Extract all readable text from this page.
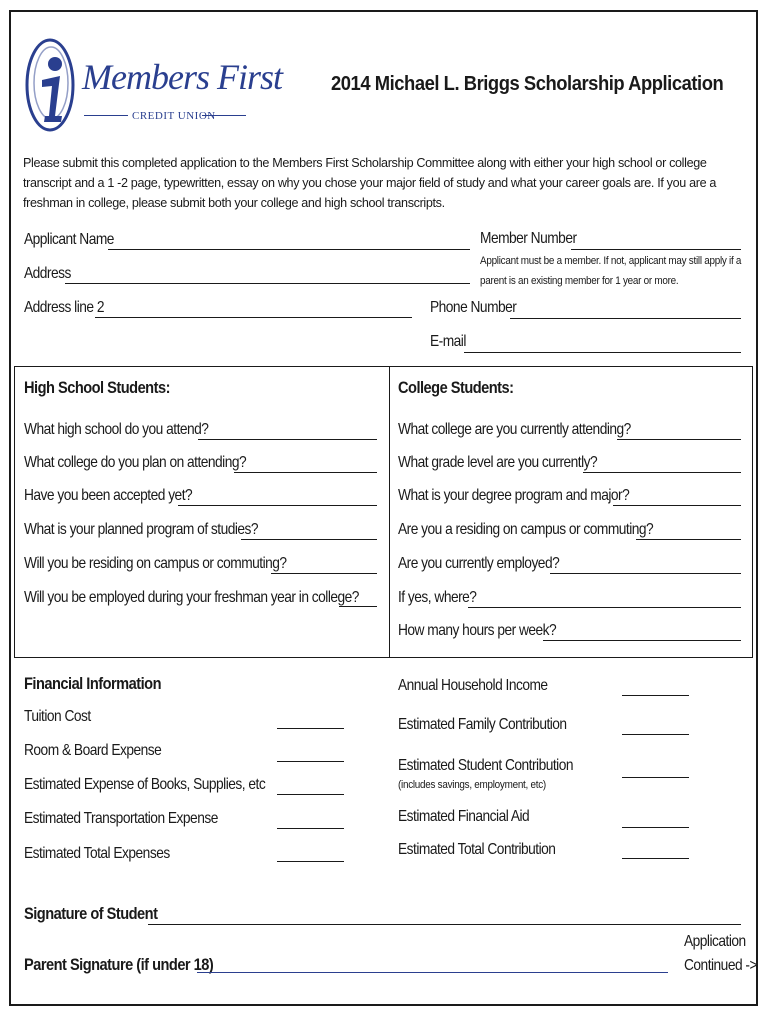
Members First
CREDIT UNION
2014 Michael L. Briggs Scholarship Application
Please submit this completed application to the Members First Scholarship Committee along with either your high school or college transcript and a 1 -2 page, typewritten, essay on why you chose your major field of study and what your career goals are. If you are a freshman in college, please submit both your college and high school transcripts.
Applicant Name	Member Number
Applicant must be a member. If not, applicant may still apply if a
parent is an existing member for 1 year or more.
Address
Address line 2	Phone Number
E-mail
High School Students:	College Students:
What high school do you attend?
What college do you plan on attending?
Have you been accepted yet?
What is your planned program of studies?
Will you be residing on campus or commuting?
Will you be employed during your freshman year in college?
What college are you currently attending?
What grade level are you currently?
What is your degree program and major?
Are you a residing on campus or commuting?
Are you currently employed?
If yes, where?
How many hours per week?
Financial Information
Tuition Cost
Room & Board Expense
Estimated Expense of Books, Supplies, etc
Estimated Transportation Expense
Estimated Total Expenses
Annual Household Income
Estimated Family Contribution
Estimated Student Contribution
(includes savings, employment, etc)
Estimated Financial Aid
Estimated Total Contribution
Signature of Student
Parent Signature (if under 18)
Application
Continued ->
